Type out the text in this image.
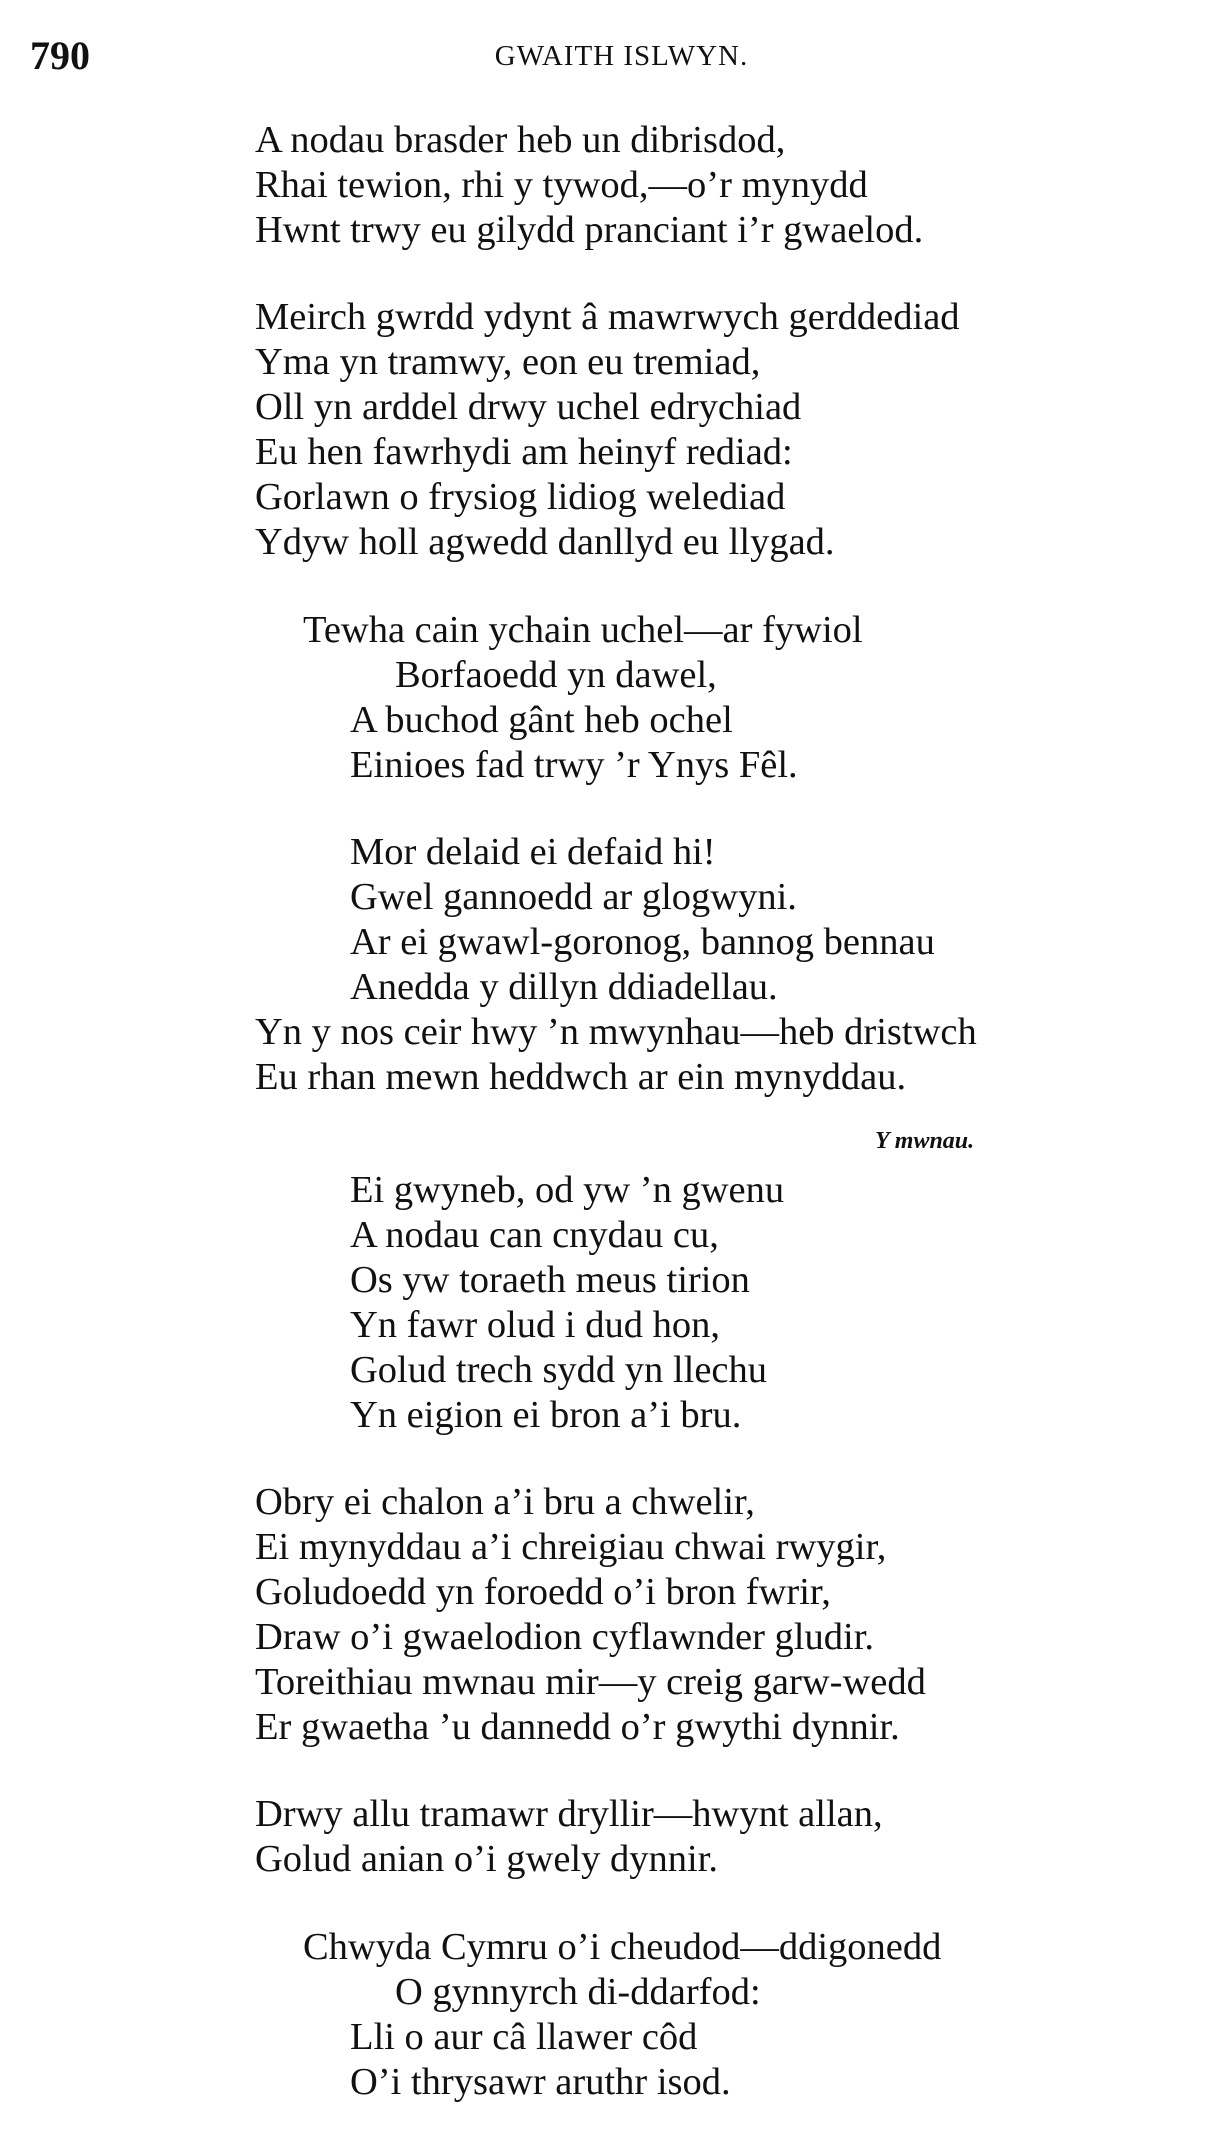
790	GWAITH ISLWYN.
A nodau brasder heb un dibrisdod,
Rhai tewion, rhi y tywod,—o’r mynydd
Hwnt trwy eu gilydd pranciant i’r gwaelod.
Meirch gwrdd ydynt â mawrwych gerddediad
Yma yn tramwy, eon eu tremiad,
Oll yn arddel drwy uchel edrychiad
Eu hen fawrhydi am heinyf rediad:
Gorlawn o frysiog lidiog welediad
Ydyw holl agwedd danllyd eu llygad.
Tewha cain ychain uchel—ar fywiol
Borfaoedd yn dawel,
A buchod gânt heb ochel
Einioes fad trwy ’r Ynys Fêl.
Mor delaid ei defaid hi!
Gwel gannoedd ar glogwyni.
Ar ei gwawl-goronog, bannog bennau
Anedda y dillyn ddiadellau.
Yn y nos ceir hwy ’n mwynhau—heb dristwch
Eu rhan mewn heddwch ar ein mynyddau.
Y mwnau.
Ei gwyneb, od yw ’n gwenu
A nodau can cnydau cu,
Os yw toraeth meus tirion
Yn fawr olud i dud hon,
Golud trech sydd yn llechu
Yn eigion ei bron a’i bru.
Obry ei chalon a’i bru a chwelir,
Ei mynyddau a’i chreigiau chwai rwygir,
Goludoedd yn foroedd o’i bron fwrir,
Draw o’i gwaelodion cyflawnder gludir.
Toreithiau mwnau mir—y creig garw-wedd
Er gwaetha ’u dannedd o’r gwythi dynnir.
Drwy allu tramawr dryllir—hwynt allan,
Golud anian o’i gwely dynnir.
Chwyda Cymru o’i cheudod—ddigonedd
O gynnyrch di-ddarfod:
Lli o aur câ llawer côd
O’i thrysawr aruthr isod.
